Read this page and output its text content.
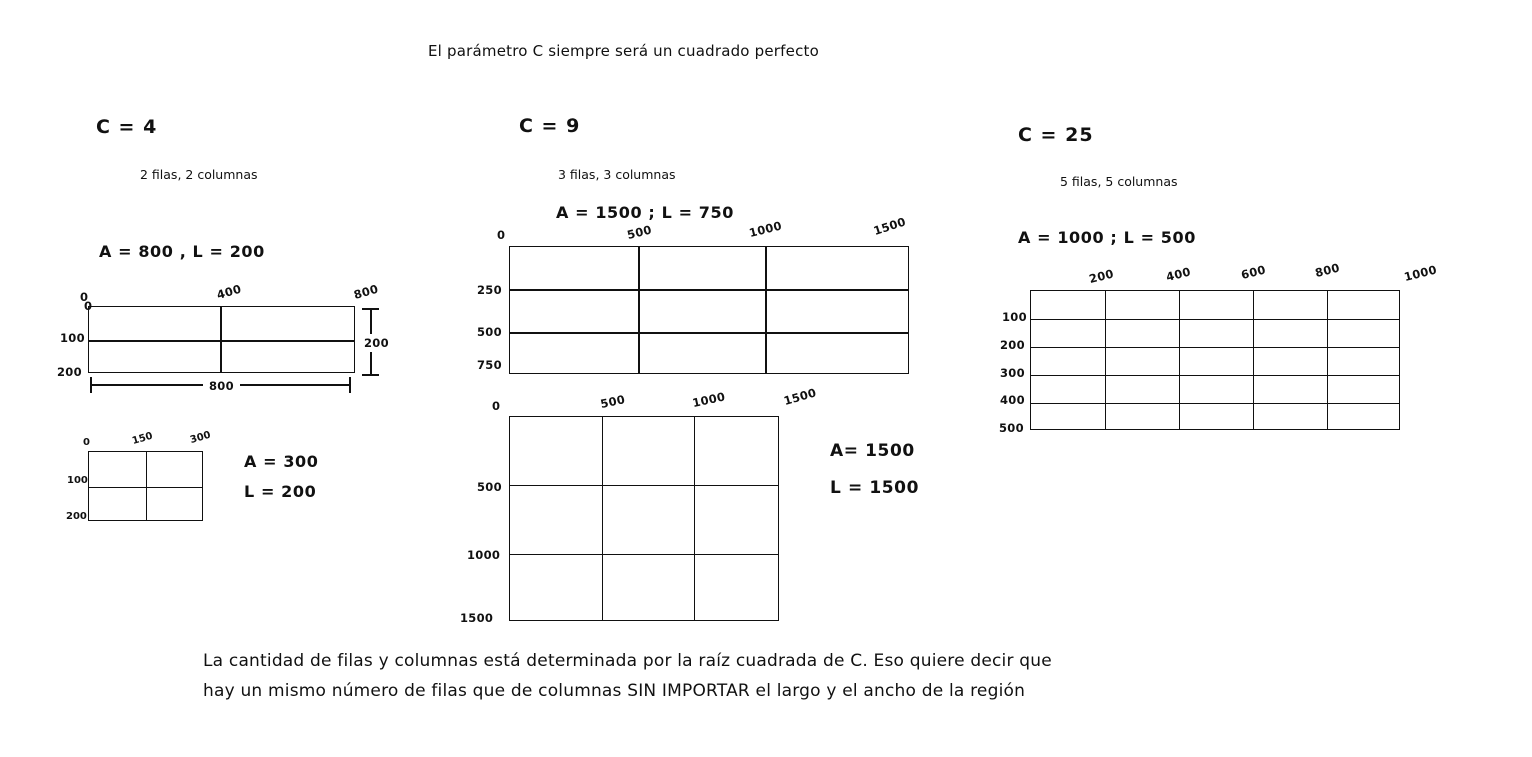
El parámetro C siempre será un cuadrado perfecto
C = 4
2 filas, 2 columnas
A = 800 , L = 200
0	400	800
0
100
200
800
200
0	150	300
100
200
A = 300
L = 200
C = 9
3 filas, 3 columnas
A = 1500 ; L = 750
0	500	1000	1500
250
500
750
0	500	1000	1500
500
1000
1500
A= 1500
L = 1500
C = 25
5 filas, 5 columnas
A = 1000 ; L = 500
200	400	600	800	1000
100
200
300
400
500
La cantidad de filas y columnas está determinada por la raíz cuadrada de C. Eso quiere decir que
hay un mismo número de filas que de columnas SIN IMPORTAR el largo y el ancho de la región
